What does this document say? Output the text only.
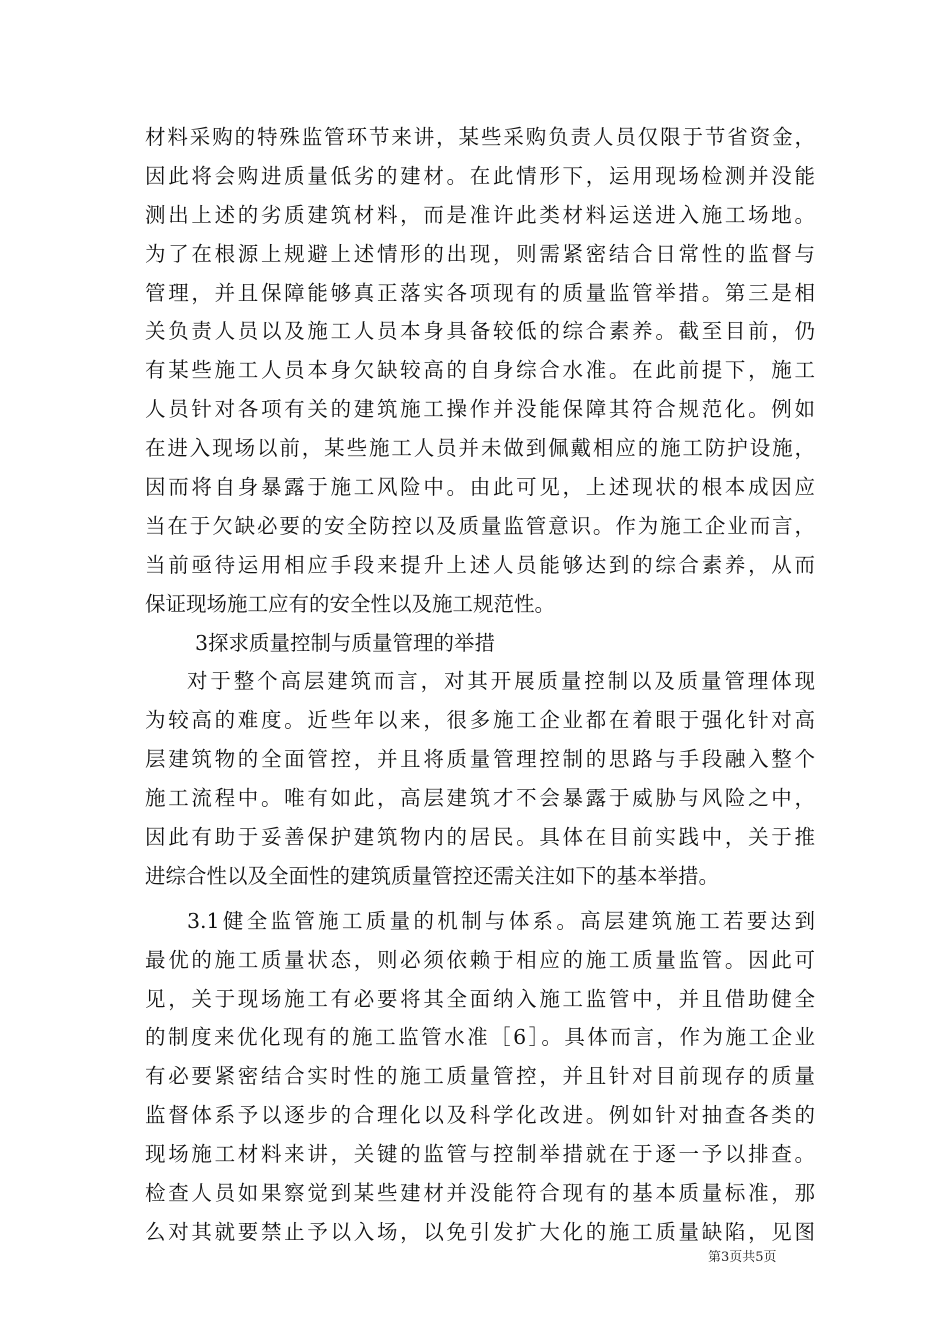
材料采购的特殊监管环节来讲，某些采购负责人员仅限于节省资金，
因此将会购进质量低劣的建材。在此情形下，运用现场检测并没能
测出上述的劣质建筑材料，而是准许此类材料运送进入施工场地。
为了在根源上规避上述情形的出现，则需紧密结合日常性的监督与
管理，并且保障能够真正落实各项现有的质量监管举措。第三是相
关负责人员以及施工人员本身具备较低的综合素养。截至目前，仍
有某些施工人员本身欠缺较高的自身综合水准。在此前提下，施工
人员针对各项有关的建筑施工操作并没能保障其符合规范化。例如
在进入现场以前，某些施工人员并未做到佩戴相应的施工防护设施，
因而将自身暴露于施工风险中。由此可见，上述现状的根本成因应
当在于欠缺必要的安全防控以及质量监管意识。作为施工企业而言，
当前亟待运用相应手段来提升上述人员能够达到的综合素养，从而
保证现场施工应有的安全性以及施工规范性。
3探求质量控制与质量管理的举措
对于整个高层建筑而言，对其开展质量控制以及质量管理体现
为较高的难度。近些年以来，很多施工企业都在着眼于强化针对高
层建筑物的全面管控，并且将质量管理控制的思路与手段融入整个
施工流程中。唯有如此，高层建筑才不会暴露于威胁与风险之中，
因此有助于妥善保护建筑物内的居民。具体在目前实践中，关于推
进综合性以及全面性的建筑质量管控还需关注如下的基本举措。
3.1健全监管施工质量的机制与体系。高层建筑施工若要达到
最优的施工质量状态，则必须依赖于相应的施工质量监管。因此可
见，关于现场施工有必要将其全面纳入施工监管中，并且借助健全
的制度来优化现有的施工监管水准［6］。具体而言，作为施工企业
有必要紧密结合实时性的施工质量管控，并且针对目前现存的质量
监督体系予以逐步的合理化以及科学化改进。例如针对抽查各类的
现场施工材料来讲，关键的监管与控制举措就在于逐一予以排查。
检查人员如果察觉到某些建材并没能符合现有的基本质量标准，那
么对其就要禁止予以入场，以免引发扩大化的施工质量缺陷，见图
第3页共5页
